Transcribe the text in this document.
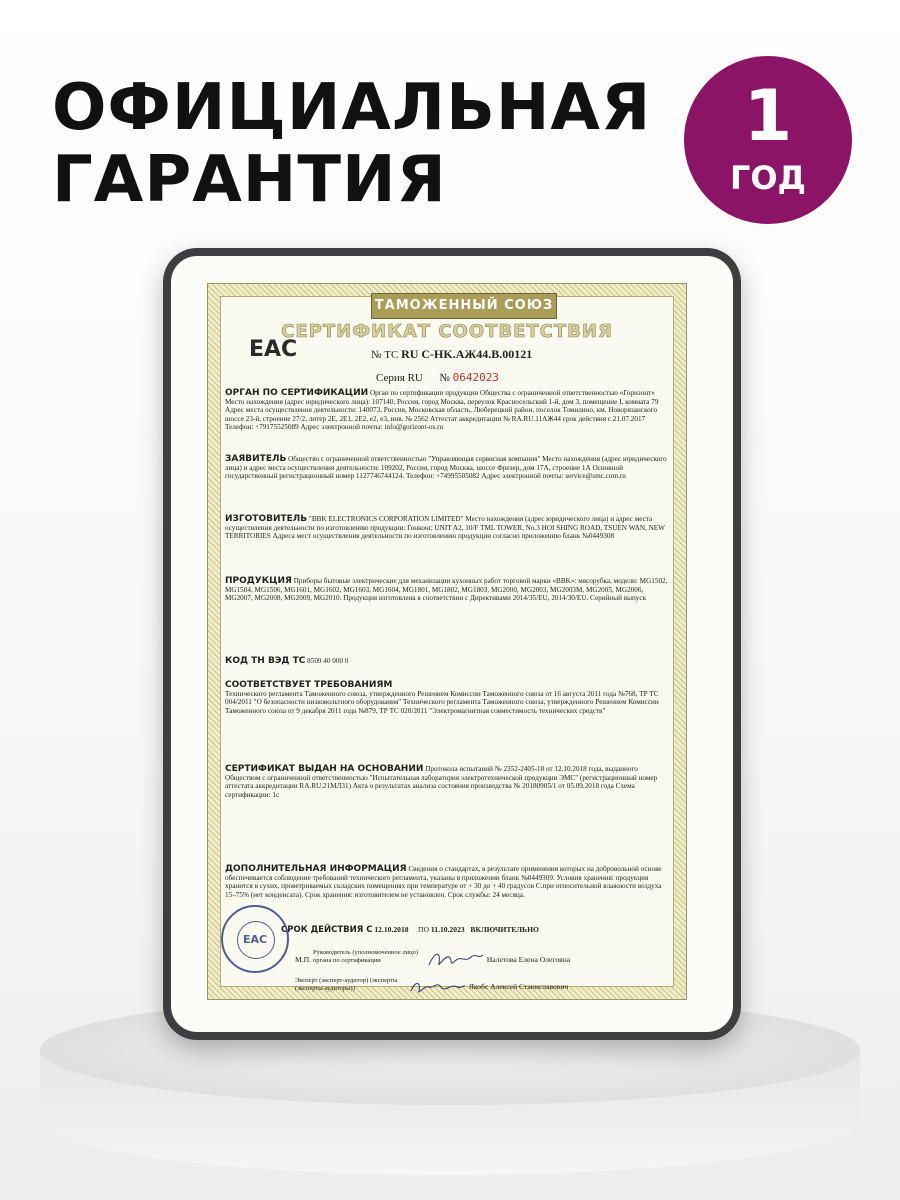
ОФИЦИАЛЬНАЯ
ГАРАНТИЯ
1
ГОД
ТАМОЖЕННЫЙ СОЮЗ
СЕРТИФИКАТ СООТВЕТСТВИЯ
EAC	№ ТС RU С-HK.АЖ44.В.00121
Серия RU № 0642023
ОРГАН ПО СЕРТИФИКАЦИИ Орган по сертификации продукции Общества с ограниченной ответственностью «Горизонт» Место нахождения (адрес юридического лица): 107140, Россия, город Москва, переулок Красносельский 1-й, дом 3, помещение I, комната 79 Адрес места осуществления деятельности: 140073, Россия, Московская область, Люберецкий район, поселок Томилино, км. Новорязанского шоссе 23-й, строение 27/2, литер 2Е, 2Е1, 2Е2, е2, е3, инв. № 2562 Аттестат аккредитации № RA.RU.11АЖ44 срок действия с 21.07.2017 Телефон: +79175525089 Адрес электронной почты: info@gorizont-os.ru
ЗАЯВИТЕЛЬ Общество с ограниченной ответственностью "Управляющая сервисная компания" Место нахождения (адрес юридического лица) и адрес места осуществления деятельности: 109202, Россия, город Москва, шоссе Фрезер, дом 17А, строение 1А Основной государственный регистрационный номер 1127746744124. Телефон: +74995505082 Адрес электронной почты: service@smc.com.ru
ИЗГОТОВИТЕЛЬ "BBK ELECTRONICS CORPORATION LIMITED" Место нахождения (адрес юридического лица) и адрес места осуществления деятельности по изготовлению продукции: Гонконг, UNIT A2, 10/F TML TOWER, No.3 HOI SHING ROAD, TSUEN WAN, NEW TERRITORIES Адреса мест осуществления деятельности по изготовлению продукции согласно приложению бланк №0449308
ПРОДУКЦИЯ Приборы бытовые электрические для механизации кухонных работ торговой марки «BBK»: мясорубка, модели: MG1502, MG1504, MG1506, MG1601, MG1602, MG1603, MG1604, MG1801, MG1802, MG1803, MG2000, MG2003, MG2003M, MG2005, MG2006, MG2007, MG2008, MG2009, MG2010. Продукция изготовлена в соответствии с Директивами 2014/35/EU, 2014/30/EU. Серийный выпуск
КОД ТН ВЭД ТС 8509 40 000 0
СООТВЕТСТВУЕТ ТРЕБОВАНИЯМ
Технического регламента Таможенного союза, утвержденного Решением Комиссии Таможенного союза от 16 августа 2011 года №768, ТР ТС 004/2011 "О безопасности низковольтного оборудования" Технического регламента Таможенного союза, утвержденного Решением Комиссии Таможенного союза от 9 декабря 2011 года №879, ТР ТС 020/2011 "Электромагнитная совместимость технических средств"
СЕРТИФИКАТ ВЫДАН НА ОСНОВАНИИ Протокола испытаний № 2352-2405-18 от 12.10.2018 года, выданного Обществом с ограниченной ответственностью "Испытательная лаборатория электротехнической продукции ЭМС" (регистрационный номер аттестата аккредитации RA.RU.21МЛ31) Акта о результатах анализа состояния производства № 20180905/1 от 05.09.2018 года Схема сертификации: 1с
ДОПОЛНИТЕЛЬНАЯ ИНФОРМАЦИЯ Сведения о стандартах, в результате применения которых на добровольной основе обеспечивается соблюдение требований технического регламента, указаны в приложении бланк №0449309. Условия хранения: продукция хранится в сухих, проветриваемых складских помещениях при температуре от + 30 до + 40 градусов С.при относительной влажности воздуха 15–75% (нет конденсата). Срок хранения: изготовителем не установлен. Срок службы: 24 месяца.
СРОК ДЕЙСТВИЯ С 12.10.2018 ПО 11.10.2023 ВКЛЮЧИТЕЛЬНО
EAC
М.П. Руководитель (уполномоченное лицо) органа по сертификации	Налетова Елена Олеговна
Эксперт (эксперт-аудитор) (эксперты (эксперты-аудиторы))	Якобс Алексей Станиславович
